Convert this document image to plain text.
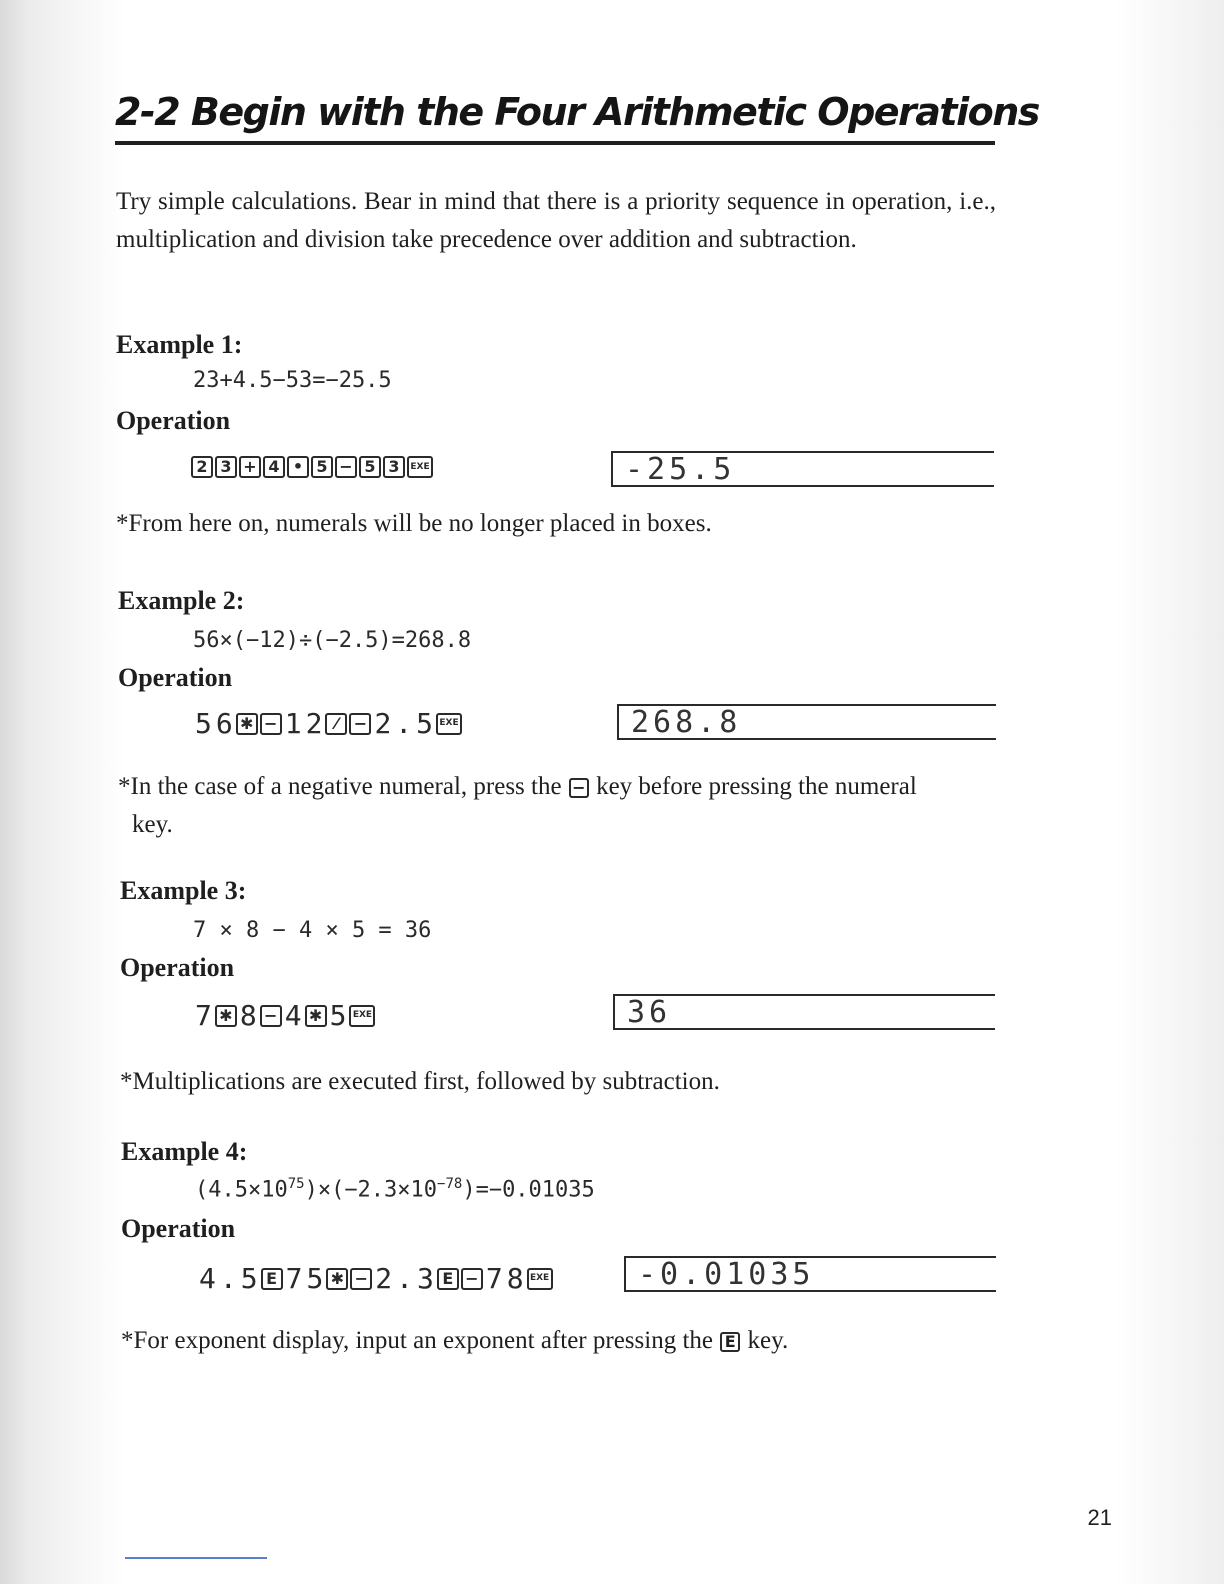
2-2 Begin with the Four Arithmetic Operations

Try simple calculations. Bear in mind that there is a priority sequence in operation, i.e., multiplication and division take precedence over addition and subtraction.

Example 1:
23+4.5−53=−25.5
Operation
2 3 + 4 • 5 − 5 3	EXE	-25.5
*From here on, numerals will be no longer placed in boxes.
Example 2:
56×(−12)÷(−2.5)=268.8
Operation
5 6 ✱ − 1 2 ⁄ − 2 . 5 EXE	268.8
*In the case of a negative numeral, press the − key before pressing the numeral
key.
Example 3:
7 × 8 − 4 × 5 = 36
Operation
7 ✱ 8 − 4 ✱ 5 EXE	36
*Multiplications are executed first, followed by subtraction.
Example 4:
$(4.5\times 10^{75})\times(-2.3\times 10^{-78})=-0.01035$
Operation
4 . 5 E 7 5 ✱ − 2 . 3 E − 7 8 EXE	-0.01035
*For exponent display, input an exponent after pressing the E key.
21
